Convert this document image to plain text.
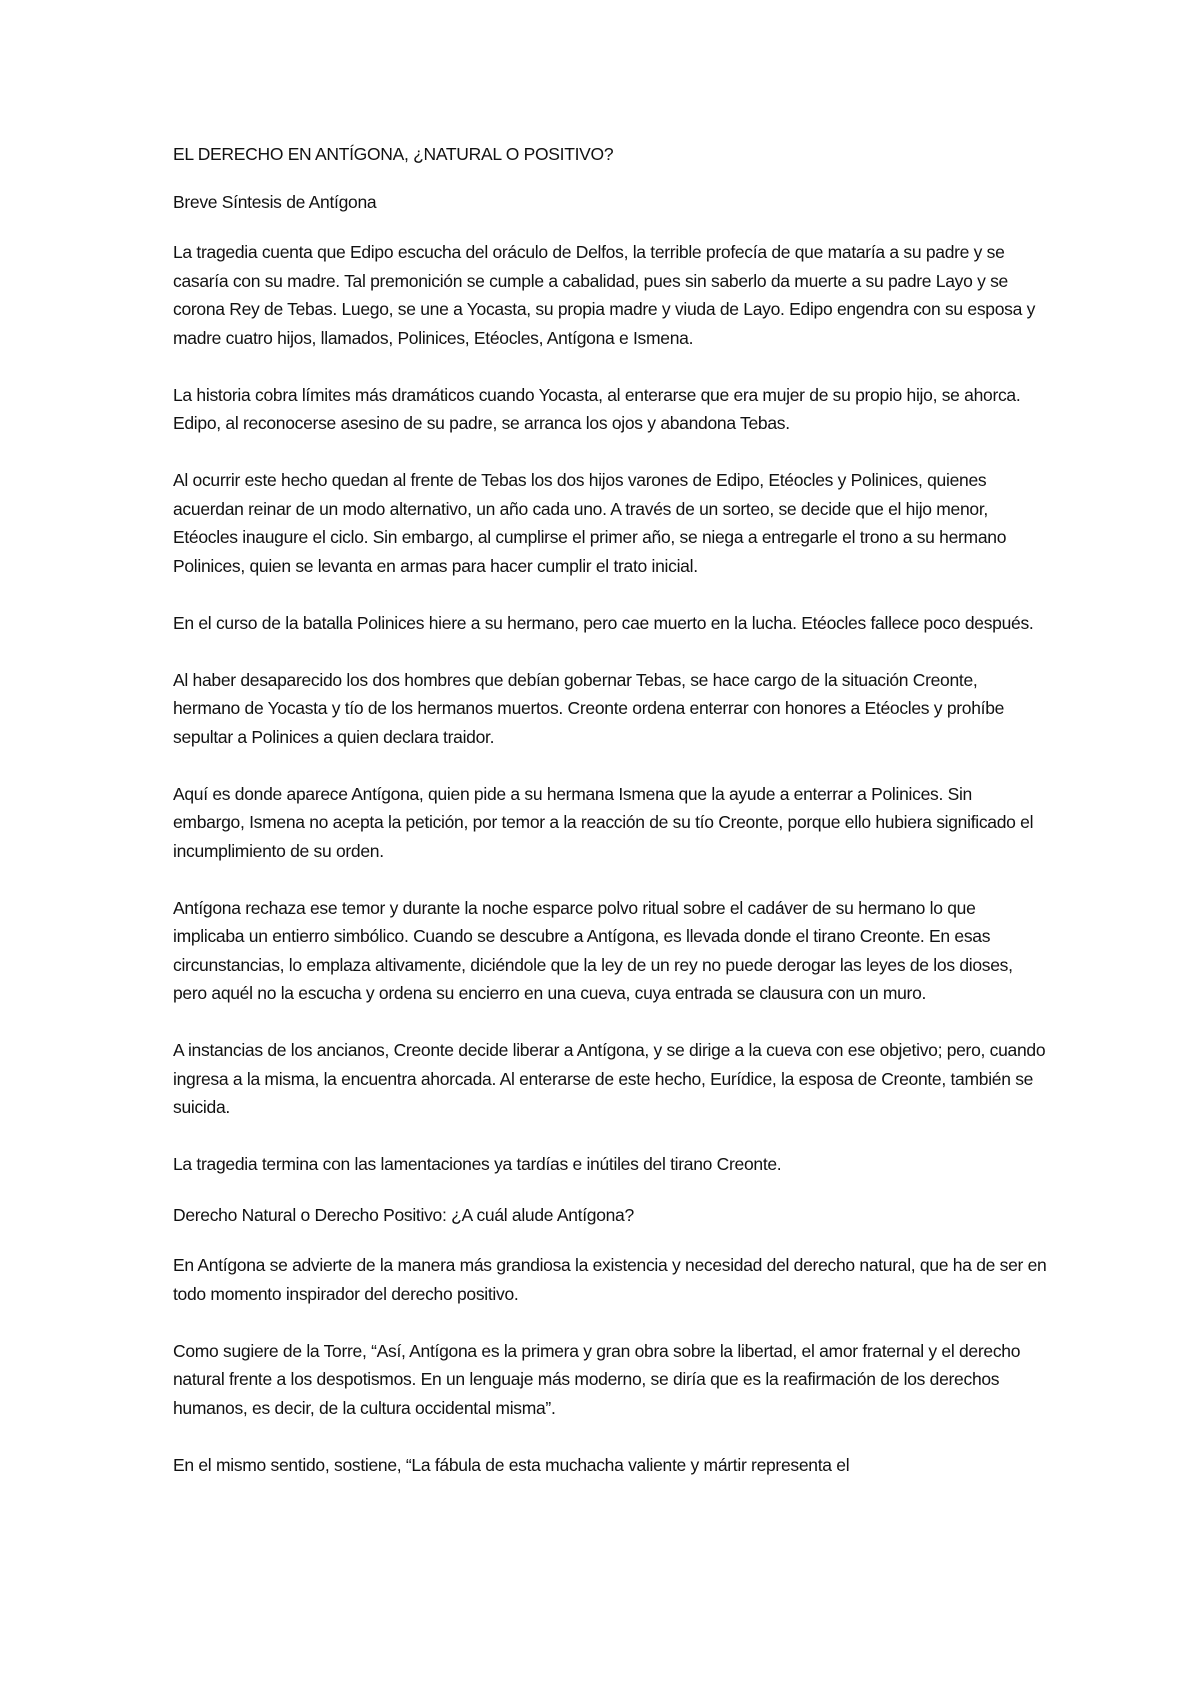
EL DERECHO EN ANTÍGONA, ¿NATURAL O POSITIVO?

Breve Síntesis de Antígona

La tragedia cuenta que Edipo escucha del oráculo de Delfos, la terrible profecía de que mataría a su padre y se casaría con su madre. Tal premonición se cumple a cabalidad, pues sin saberlo da muerte a su padre Layo y se corona Rey de Tebas. Luego, se une a Yocasta, su propia madre y viuda de Layo. Edipo engendra con su esposa y madre cuatro hijos, llamados, Polinices, Etéocles, Antígona e Ismena.

La historia cobra límites más dramáticos cuando Yocasta, al enterarse que era mujer de su propio hijo, se ahorca. Edipo, al reconocerse asesino de su padre, se arranca los ojos y abandona Tebas.

Al ocurrir este hecho quedan al frente de Tebas los dos hijos varones de Edipo, Etéocles y Polinices, quienes acuerdan reinar de un modo alternativo, un año cada uno. A través de un sorteo, se decide que el hijo menor, Etéocles inaugure el ciclo. Sin embargo, al cumplirse el primer año, se niega a entregarle el trono a su hermano Polinices, quien se levanta en armas para hacer cumplir el trato inicial.

En el curso de la batalla Polinices hiere a su hermano, pero cae muerto en la lucha. Etéocles fallece poco después.

Al haber desaparecido los dos hombres que debían gobernar Tebas, se hace cargo de la situación Creonte, hermano de Yocasta y tío de los hermanos muertos. Creonte ordena enterrar con honores a Etéocles y prohíbe sepultar a Polinices a quien declara traidor.

Aquí es donde aparece Antígona, quien pide a su hermana Ismena que la ayude a enterrar a Polinices. Sin embargo, Ismena no acepta la petición, por temor a la reacción de su tío Creonte, porque ello hubiera significado el incumplimiento de su orden.

Antígona rechaza ese temor y durante la noche esparce polvo ritual sobre el cadáver de su hermano lo que implicaba un entierro simbólico. Cuando se descubre a Antígona, es llevada donde el tirano Creonte. En esas circunstancias, lo emplaza altivamente, diciéndole que la ley de un rey no puede derogar las leyes de los dioses, pero aquél no la escucha y ordena su encierro en una cueva, cuya entrada se clausura con un muro.

A instancias de los ancianos, Creonte decide liberar a Antígona, y se dirige a la cueva con ese objetivo; pero, cuando ingresa a la misma, la encuentra ahorcada. Al enterarse de este hecho, Eurídice, la esposa de Creonte, también se suicida.

La tragedia termina con las lamentaciones ya tardías e inútiles del tirano Creonte.

Derecho Natural o Derecho Positivo: ¿A cuál alude Antígona?

En Antígona se advierte de la manera más grandiosa la existencia y necesidad del derecho natural, que ha de ser en todo momento inspirador del derecho positivo.

Como sugiere de la Torre, “Así, Antígona es la primera y gran obra sobre la libertad, el amor fraternal y el derecho natural frente a los despotismos. En un lenguaje más moderno, se diría que es la reafirmación de los derechos humanos, es decir, de la cultura occidental misma”.

En el mismo sentido, sostiene, “La fábula de esta muchacha valiente y mártir representa el
